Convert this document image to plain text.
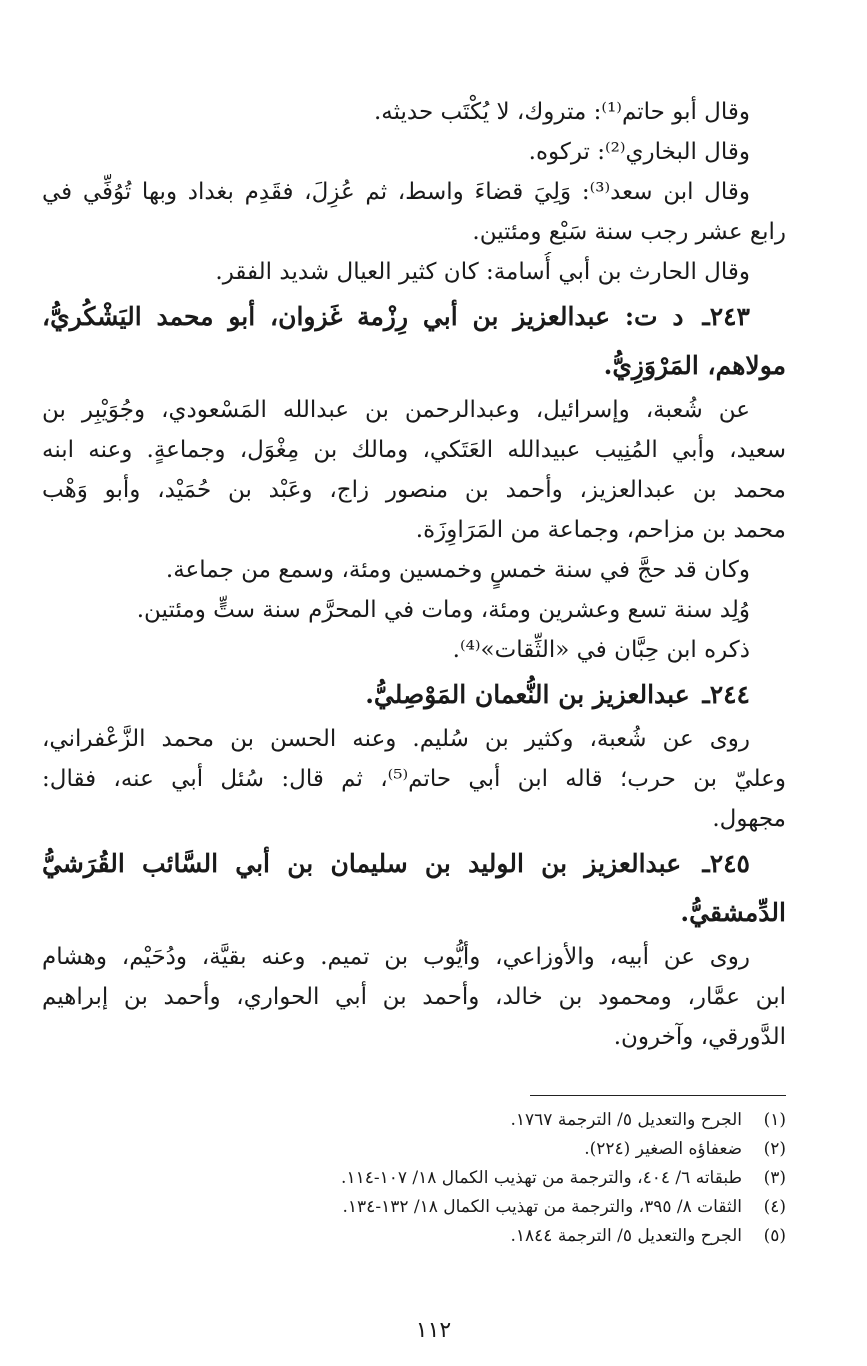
وقال أبو حاتم⁽¹⁾: متروك، لا يُكْتَب حديثه.
وقال البخاري⁽²⁾: تركوه.
وقال ابن سعد⁽³⁾: وَلِيَ قضاءَ واسط، ثم عُزِلَ، فقَدِم بغداد وبها تُوُفِّي في
رابع عشر رجب سنة سَبْع ومئتين.
وقال الحارث بن أبي أُسامة: كان كثير العيال شديد الفقر.
٢٤٣ـ د ت: عبدالعزيز بن أبي رِزْمة غَزوان، أبو محمد اليَشْكُريُّ،
مولاهم، المَرْوَزِيُّ.
عن شُعبة، وإسرائيل، وعبدالرحمن بن عبدالله المَسْعودي، وجُوَيْبِر بن
سعيد، وأبي المُنِيب عبيدالله العَتَكي، ومالك بن مِغْوَل، وجماعةٍ. وعنه ابنه
محمد بن عبدالعزيز، وأحمد بن منصور زاج، وعَبْد بن حُمَيْد، وأبو وَهْب
محمد بن مزاحم، وجماعة من المَرَاوِزَة.
وكان قد حجَّ في سنة خمسٍ وخمسين ومئة، وسمع من جماعة.
وُلِد سنة تسع وعشرين ومئة، ومات في المحرَّم سنة ستٍّ ومئتين.
ذكره ابن حِبَّان في «الثِّقات»⁽⁴⁾.
٢٤٤ـ عبدالعزيز بن النُّعمان المَوْصِليُّ.
روى عن شُعبة، وكثير بن سُليم. وعنه الحسن بن محمد الزَّعْفراني،
وعليّ بن حرب؛ قاله ابن أبي حاتم⁽⁵⁾، ثم قال: سُئل أبي عنه، فقال:
مجهول.
٢٤٥ـ عبدالعزيز بن الوليد بن سليمان بن أبي السَّائب القُرَشيُّ
الدِّمشقيُّ.
روى عن أبيه، والأوزاعي، وأيُّوب بن تميم. وعنه بقيَّة، ودُحَيْم، وهشام
ابن عمَّار، ومحمود بن خالد، وأحمد بن أبي الحواري، وأحمد بن إبراهيم
الدَّورقي، وآخرون.
(١)الجرح والتعديل ٥/ الترجمة ١٧٦٧.
(٢)ضعفاؤه الصغير (٢٢٤).
(٣)طبقاته ٦/ ٤٠٤، والترجمة من تهذيب الكمال ١٨/ ١٠٧-١١٤.
(٤)الثقات ٨/ ٣٩٥، والترجمة من تهذيب الكمال ١٨/ ١٣٢-١٣٤.
(٥)الجرح والتعديل ٥/ الترجمة ١٨٤٤.
١١٢
